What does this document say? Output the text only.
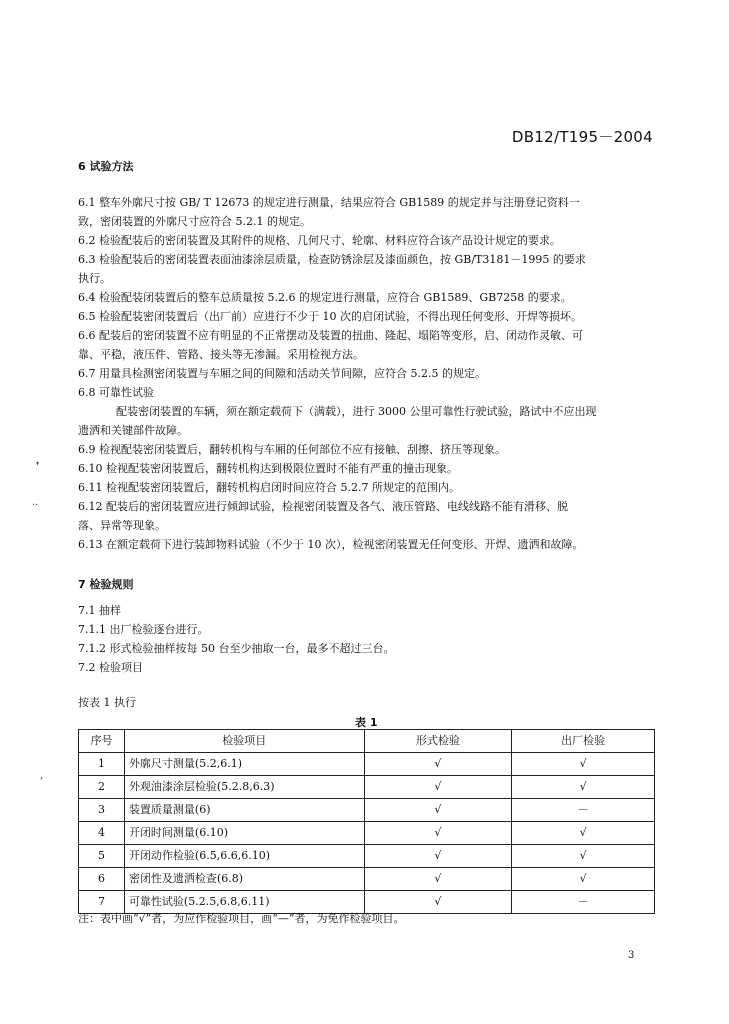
DB12/T195－2004
6 试验方法
6.1 整车外廓尺寸按 GB/ T 12673 的规定进行测量，结果应符合 GB1589 的规定并与注册登记资料一
致，密闭装置的外廓尺寸应符合 5.2.1 的规定。
6.2 检验配装后的密闭装置及其附件的规格、几何尺寸、轮廓、材料应符合该产品设计规定的要求。
6.3 检验配装后的密闭装置表面油漆涂层质量，检查防锈涂层及漆面颜色，按 GB/T3181－1995 的要求
执行。
6.4 检验配装闭装置后的整车总质量按 5.2.6 的规定进行测量，应符合 GB1589、GB7258 的要求。
6.5 检验配装密闭装置后（出厂前）应进行不少于 10 次的启闭试验，不得出现任何变形、开焊等损坏。
6.6 配装后的密闭装置不应有明显的不正常摆动及装置的扭曲、隆起、塌陷等变形，启、闭动作灵敏、可
靠、平稳，液压件、管路、接头等无渗漏。采用检视方法。
6.7 用量具检测密闭装置与车厢之间的间隙和活动关节间隙，应符合 5.2.5 的规定。
6.8 可靠性试验
配装密闭装置的车辆，须在额定载荷下（满载），进行 3000 公里可靠性行驶试验，路试中不应出现
遗洒和关键部件故障。
6.9 检视配装密闭装置后，翻转机构与车厢的任何部位不应有接触、刮擦、挤压等现象。
6.10 检视配装密闭装置后，翻转机构达到极限位置时不能有严重的撞击现象。
6.11 检视配装密闭装置后，翻转机构启闭时间应符合 5.2.7 所规定的范围内。
6.12 配装后的密闭装置应进行倾卸试验，检视密闭装置及各气、液压管路、电线线路不能有滑移、脱
落、异常等现象。
6.13 在额定载荷下进行装卸物料试验（不少于 10 次），检视密闭装置无任何变形、开焊、遗洒和故障。
7 检验规则
7.1 抽样
7.1.1 出厂检验逐台进行。
7.1.2 形式检验抽样按每 50 台至少抽取一台，最多不超过三台。
7.2 检验项目
按表 1 执行
表 1
序号	检验项目	形式检验	出厂检验
1	外廓尺寸测量(5.2,6.1)	√	√
2	外观油漆涂层检验(5.2.8,6.3)	√	√
3	装置质量测量(6)	√	－
4	开闭时间测量(6.10)	√	√
5	开闭动作检验(6.5,6.6,6.10)	√	√
6	密闭性及遗洒检查(6.8)	√	√
7	可靠性试验(5.2.5,6.8,6.11)	√	－
注：表中画“√”者，为应作检验项目，画“—”者，为免作检验项目。
3
❜
··
,
